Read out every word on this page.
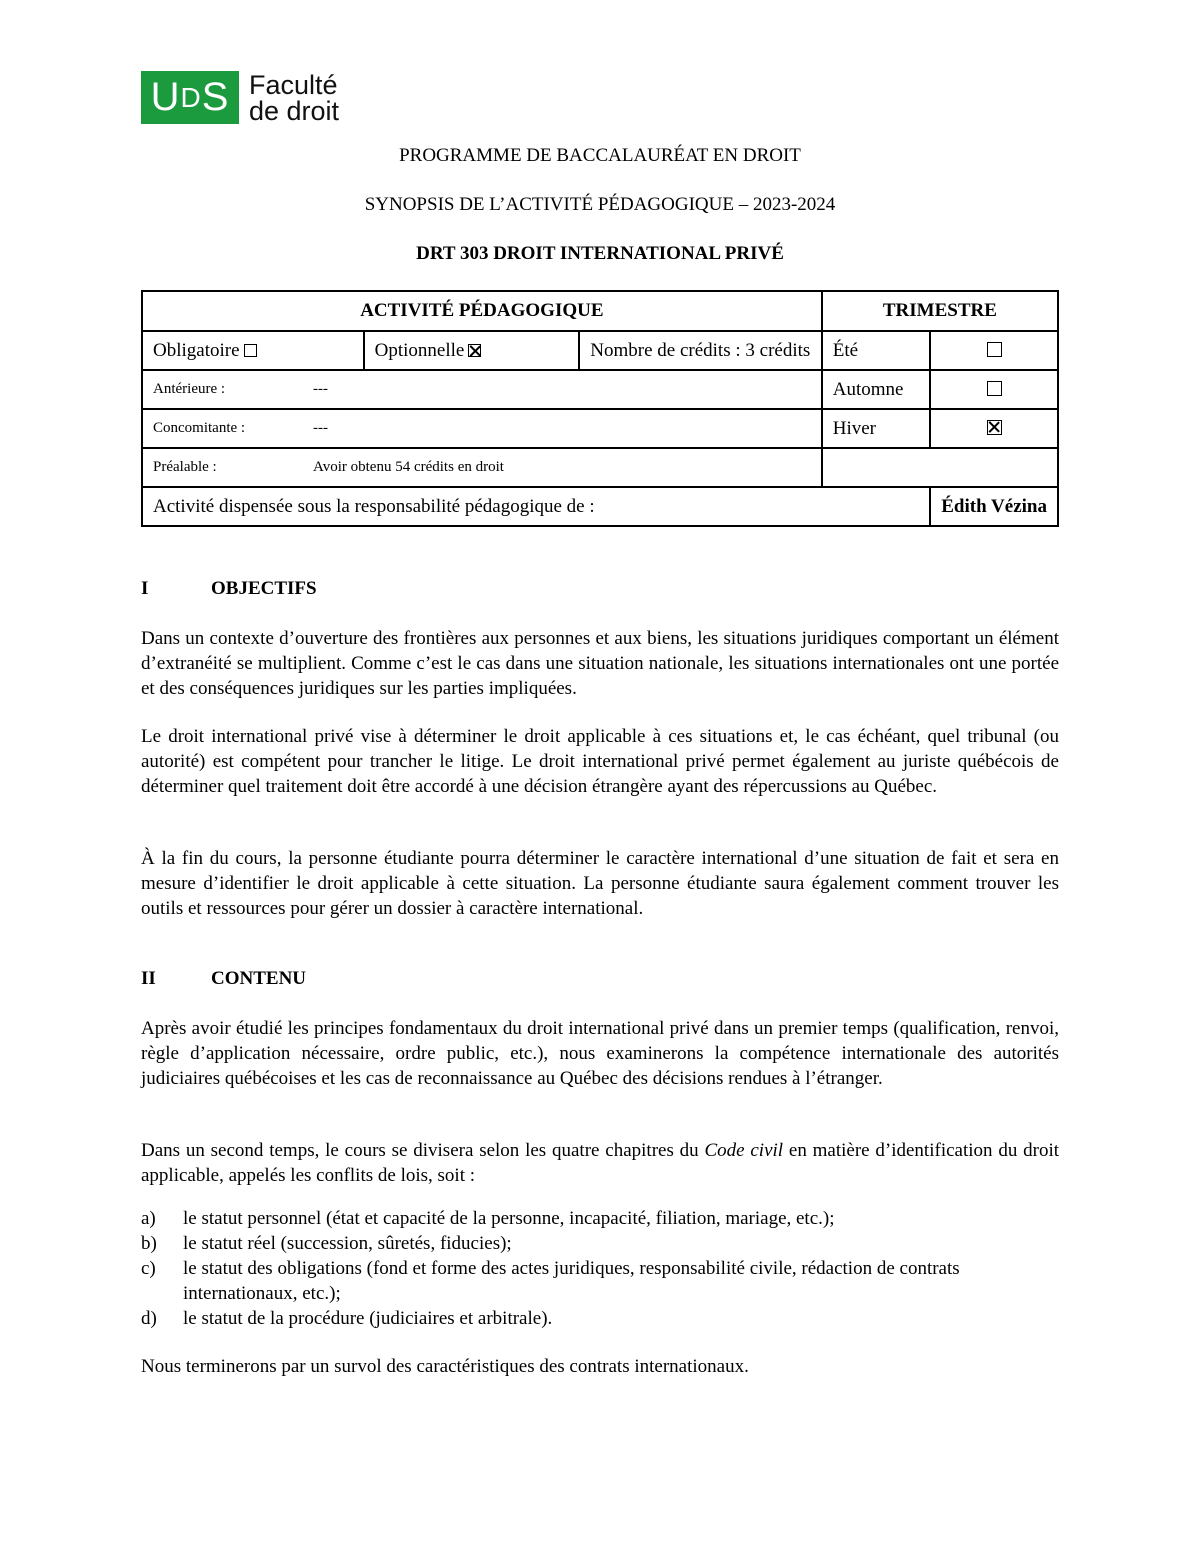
U D S Faculté
de droit
PROGRAMME DE BACCALAURÉAT EN DROIT
SYNOPSIS DE L’ACTIVITÉ PÉDAGOGIQUE – 2023-2024
DRT 303 DROIT INTERNATIONAL PRIVÉ
ACTIVITÉ PÉDAGOGIQUE			TRIMESTRE	
Obligatoire	Optionnelle	Nombre de crédits : 3 crédits	Été	
Antérieure : ---			Automne	
Concomitante : ---			Hiver	
Préalable : Avoir obtenu 54 crédits en droit				
Activité dispensée sous la responsabilité pédagogique de :				Édith Vézina
I	OBJECTIFS

Dans un contexte d’ouverture des frontières aux personnes et aux biens, les situations juridiques comportant un élément d’extranéité se multiplient. Comme c’est le cas dans une situation nationale, les situations internationales ont une portée et des conséquences juridiques sur les parties impliquées.

Le droit international privé vise à déterminer le droit applicable à ces situations et, le cas échéant, quel tribunal (ou autorité) est compétent pour trancher le litige. Le droit international privé permet également au juriste québécois de déterminer quel traitement doit être accordé à une décision étrangère ayant des répercussions au Québec.

À la fin du cours, la personne étudiante pourra déterminer le caractère international d’une situation de fait et sera en mesure d’identifier le droit applicable à cette situation. La personne étudiante saura également comment trouver les outils et ressources pour gérer un dossier à caractère international.

II	CONTENU

Après avoir étudié les principes fondamentaux du droit international privé dans un premier temps (qualification, renvoi, règle d’application nécessaire, ordre public, etc.), nous examinerons la compétence internationale des autorités judiciaires québécoises et les cas de reconnaissance au Québec des décisions rendues à l’étranger.

Dans un second temps, le cours se divisera selon les quatre chapitres du Code civil en matière d’identification du droit applicable, appelés les conflits de lois, soit :

a)	le statut personnel (état et capacité de la personne, incapacité, filiation, mariage, etc.);
b)	le statut réel (succession, sûretés, fiducies);
c)	le statut des obligations (fond et forme des actes juridiques, responsabilité civile, rédaction de contrats internationaux, etc.);
d)	le statut de la procédure (judiciaires et arbitrale).

Nous terminerons par un survol des caractéristiques des contrats internationaux.
